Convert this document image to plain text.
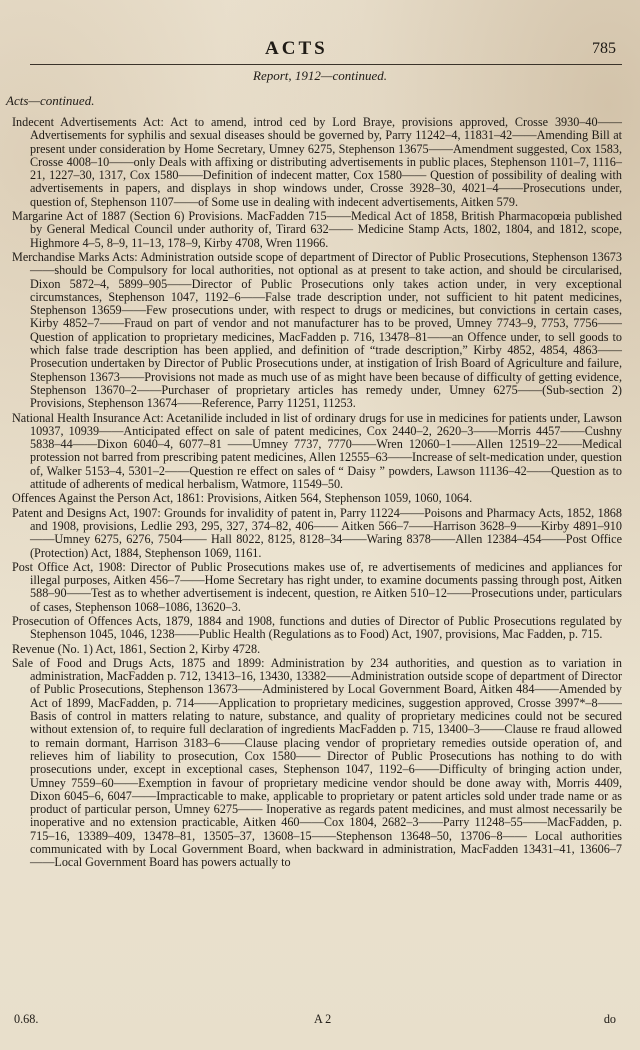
ACTS	785
Report, 1912—continued.
Acts—continued.

Indecent Advertisements Act: Act to amend, introd ced by Lord Braye, provisions approved, Crosse 3930–40——Advertisements for syphilis and sexual diseases should be governed by, Parry 11242–4, 11831–42——Amending Bill at present under consideration by Home Secretary, Umney 6275, Stephenson 13675——Amendment suggested, Cox 1583, Crosse 4008–10——only Deals with affixing or distributing advertisements in public places, Stephenson 1101–7, 1116–21, 1227–30, 1317, Cox 1580——Definition of indecent matter, Cox 1580—— Question of possibility of dealing with advertisements in papers, and displays in shop windows under, Crosse 3928–30, 4021–4——Prosecutions under, question of, Stephenson 1107——of Some use in dealing with indecent advertisements, Aitken 579.

Margarine Act of 1887 (Section 6) Provisions. MacFadden 715——Medical Act of 1858, British Pharmacopœia published by General Medical Council under authority of, Tirard 632—— Medicine Stamp Acts, 1802, 1804, and 1812, scope, Highmore 4–5, 8–9, 11–13, 178–9, Kirby 4708, Wren 11966.

Merchandise Marks Acts: Administration outside scope of department of Director of Public Prosecutions, Stephenson 13673——should be Compulsory for local authorities, not optional as at present to take action, and should be circularised, Dixon 5872–4, 5899–905——Director of Public Prosecutions only takes action under, in very exceptional circumstances, Stephenson 1047, 1192–6——False trade description under, not sufficient to hit patent medicines, Stephenson 13659——Few prosecutions under, with respect to drugs or medicines, but convictions in certain cases, Kirby 4852–7——Fraud on part of vendor and not manufacturer has to be proved, Umney 7743–9, 7753, 7756——Question of application to proprietary medicines, MacFadden p. 716, 13478–81——an Offence under, to sell goods to which false trade description has been applied, and definition of “trade description,” Kirby 4852, 4854, 4863—— Prosecution undertaken by Director of Public Prosecutions under, at instigation of Irish Board of Agriculture and failure, Stephenson 13673——Provisions not made as much use of as might have been because of difficulty of getting evidence, Stephenson 13670–2——Purchaser of proprietary articles has remedy under, Umney 6275——(Sub-section 2) Provisions, Stephenson 13674——Reference, Parry 11251, 11253.

National Health Insurance Act: Acetanilide included in list of ordinary drugs for use in medicines for patients under, Lawson 10937, 10939——Anticipated effect on sale of patent medicines, Cox 2440–2, 2620–3——Morris 4457——Cushny 5838–44——Dixon 6040–4, 6077–81 ——Umney 7737, 7770——Wren 12060–1——Allen 12519–22——Medical protession not barred from prescribing patent medicines, Allen 12555–63——Increase of selt-medication under, question of, Walker 5153–4, 5301–2——Question re effect on sales of “ Daisy ” powders, Lawson 11136–42——Question as to attitude of adherents of medical herbalism, Watmore, 11549–50.

Offences Against the Person Act, 1861: Provisions, Aitken 564, Stephenson 1059, 1060, 1064.

Patent and Designs Act, 1907: Grounds for invalidity of patent in, Parry 11224——Poisons and Pharmacy Acts, 1852, 1868 and 1908, provisions, Ledlie 293, 295, 327, 374–82, 406—— Aitken 566–7——Harrison 3628–9——Kirby 4891–910——Umney 6275, 6276, 7504—— Hall 8022, 8125, 8128–34——Waring 8378——Allen 12384–454——Post Office (Protection) Act, 1884, Stephenson 1069, 1161.

Post Office Act, 1908: Director of Public Prosecutions makes use of, re advertisements of medicines and appliances for illegal purposes, Aitken 456–7——Home Secretary has right under, to examine documents passing through post, Aitken 588–90——Test as to whether advertisement is indecent, question, re Aitken 510–12——Prosecutions under, particulars of cases, Stephenson 1068–1086, 13620–3.

Prosecution of Offences Acts, 1879, 1884 and 1908, functions and duties of Director of Public Prosecutions regulated by Stephenson 1045, 1046, 1238——Public Health (Regulations as to Food) Act, 1907, provisions, Mac Fadden, p. 715.

Revenue (No. 1) Act, 1861, Section 2, Kirby 4728.

Sale of Food and Drugs Acts, 1875 and 1899: Administration by 234 authorities, and question as to variation in administration, MacFadden p. 712, 13413–16, 13430, 13382——Administration outside scope of department of Director of Public Prosecutions, Stephenson 13673——Administered by Local Government Board, Aitken 484——Amended by Act of 1899, MacFadden, p. 714——Application to proprietary medicines, suggestion approved, Crosse 3997*–8——Basis of control in matters relating to nature, substance, and quality of proprietary medicines could not be secured without extension of, to require full declaration of ingredients MacFadden p. 715, 13400–3——Clause re fraud allowed to remain dormant, Harrison 3183–6——Clause placing vendor of proprietary remedies outside operation of, and relieves him of liability to prosecution, Cox 1580—— Director of Public Prosecutions has nothing to do with prosecutions under, except in exceptional cases, Stephenson 1047, 1192–6——Difficulty of bringing action under, Umney 7559–60——Exemption in favour of proprietary medicine vendor should be done away with, Morris 4409, Dixon 6045–6, 6047——Impracticable to make, applicable to proprietary or patent articles sold under trade name or as product of particular person, Umney 6275—— Inoperative as regards patent medicines, and must almost necessarily be inoperative and no extension practicable, Aitken 460——Cox 1804, 2682–3——Parry 11248–55——MacFadden, p. 715–16, 13389–409, 13478–81, 13505–37, 13608–15——Stephenson 13648–50, 13706–8—— Local authorities communicated with by Local Government Board, when backward in administration, MacFadden 13431–41, 13606–7——Local Government Board has powers actually to

0.68.	A 2	do
